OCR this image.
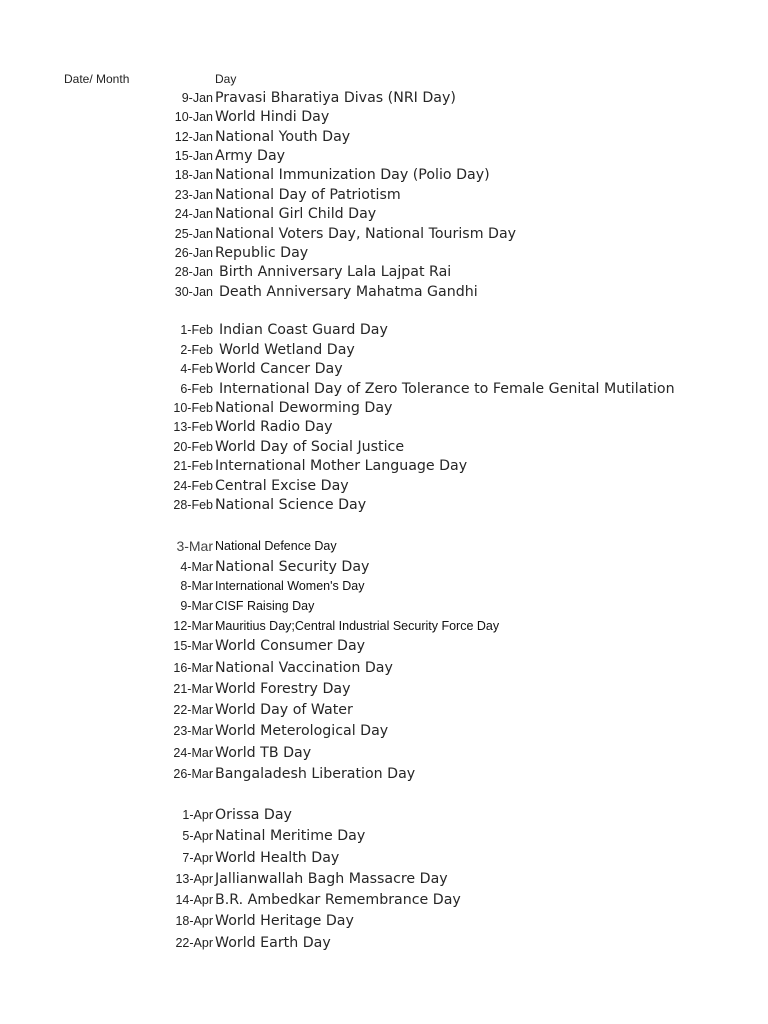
Date/ Month	Day
9-Jan Pravasi Bharatiya Divas (NRI Day)
10-Jan World Hindi Day
12-Jan National Youth Day
15-Jan Army Day
18-Jan National Immunization Day (Polio Day)
23-Jan National Day of Patriotism
24-Jan National Girl Child Day
25-Jan National Voters Day, National Tourism Day
26-Jan Republic Day
28-Jan Birth Anniversary Lala Lajpat Rai
30-Jan Death Anniversary Mahatma Gandhi
1-Feb Indian Coast Guard Day
2-Feb World Wetland Day
4-Feb World Cancer Day
6-Feb International Day of Zero Tolerance to Female Genital Mutilation
10-Feb National Deworming Day
13-Feb World Radio Day
20-Feb World Day of Social Justice
21-Feb International Mother Language Day
24-Feb Central Excise Day
28-Feb National Science Day
3-Mar National Defence Day
4-Mar National Security Day
8-Mar International Women's Day
9-Mar CISF Raising Day
12-Mar Mauritius Day;Central Industrial Security Force Day
15-Mar World Consumer Day
16-Mar National Vaccination Day
21-Mar World Forestry Day
22-Mar World Day of Water
23-Mar World Meterological Day
24-Mar World TB Day
26-Mar Bangaladesh Liberation Day
1-Apr Orissa Day
5-Apr Natinal Meritime Day
7-Apr World Health Day
13-Apr Jallianwallah Bagh Massacre Day
14-Apr B.R. Ambedkar Remembrance Day
18-Apr World Heritage Day
22-Apr World Earth Day
